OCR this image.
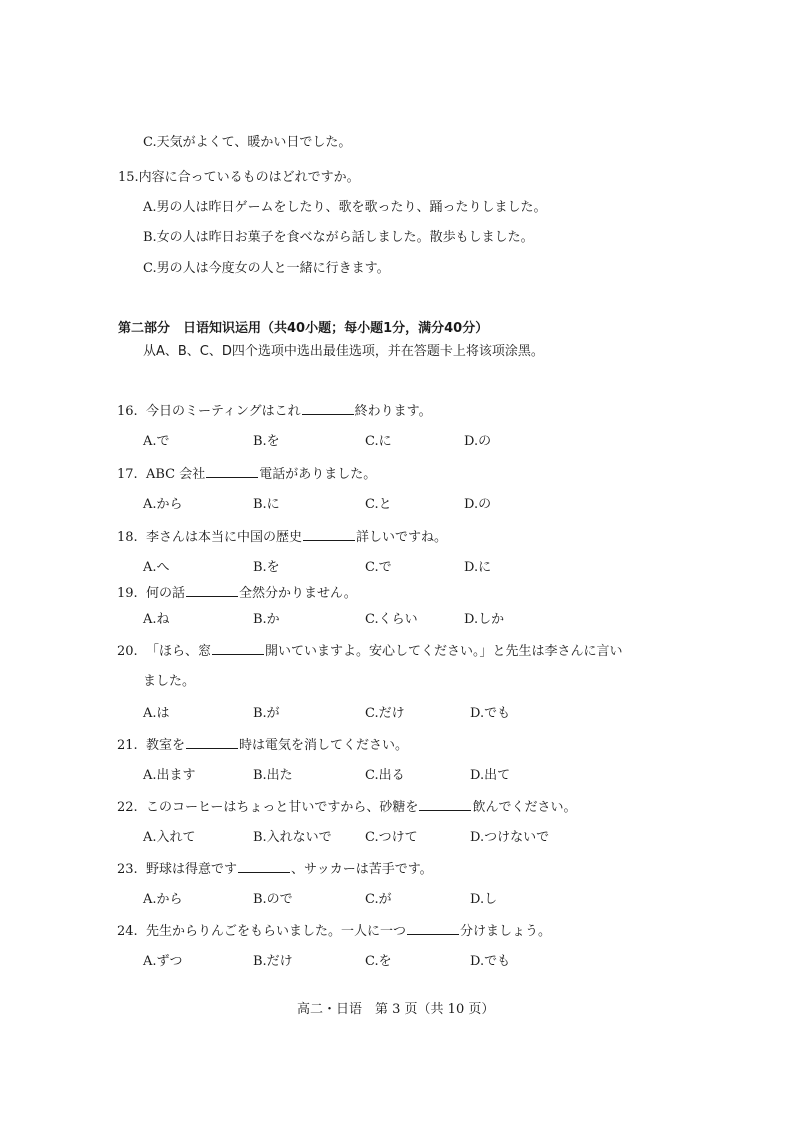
C.天気がよくて、暖かい日でした。
15.内容に合っているものはどれですか。
A.男の人は昨日ゲームをしたり、歌を歌ったり、踊ったりしました。
B.女の人は昨日お菓子を食べながら話しました。散歩もしました。
C.男の人は今度女の人と一緒に行きます。
第二部分　日语知识运用（共40小题；每小题1分，满分40分）
从A、B、C、D四个选项中选出最佳选项，并在答题卡上将该项涂黑。
16. 今日のミーティングはこれ	終わります。
A.で	B.を	C.に	D.の
17. ABC 会社	電話がありました。
A.から	B.に	C.と	D.の
18. 李さんは本当に中国の歴史	詳しいですね。
A.へ	B.を	C.で	D.に
19. 何の話	全然分かりません。
A.ね	B.か	C.くらい	D.しか
20. 「ほら、窓	開いていますよ。安心してください。」と先生は李さんに言い
ました。
A.は	B.が	C.だけ	D.でも
21. 教室を	時は電気を消してください。
A.出ます	B.出た	C.出る	D.出て
22. このコーヒーはちょっと甘いですから、砂糖を	飲んでください。
A.入れて	B.入れないで	C.つけて	D.つけないで
23. 野球は得意です	、サッカーは苦手です。
A.から	B.ので	C.が	D.し
24. 先生からりんごをもらいました。一人に一つ	分けましょう。
A.ずつ	B.だけ	C.を	D.でも
高二・日语　第 3 页（共 10 页）
